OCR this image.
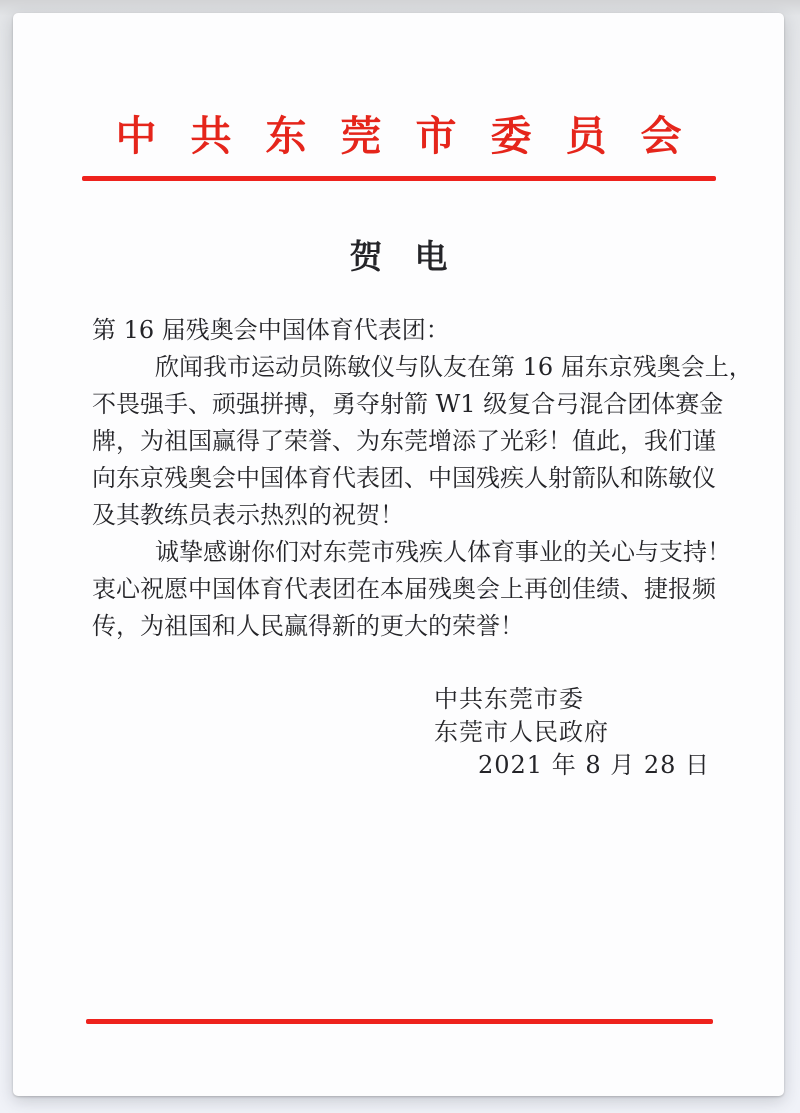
中共东莞市委员会
贺电
第 16 届残奥会中国体育代表团：
欣闻我市运动员陈敏仪与队友在第 16 届东京残奥会上，
不畏强手、顽强拼搏，勇夺射箭 W1 级复合弓混合团体赛金
牌，为祖国赢得了荣誉、为东莞增添了光彩！值此，我们谨
向东京残奥会中国体育代表团、中国残疾人射箭队和陈敏仪
及其教练员表示热烈的祝贺！
诚挚感谢你们对东莞市残疾人体育事业的关心与支持！
衷心祝愿中国体育代表团在本届残奥会上再创佳绩、捷报频
传，为祖国和人民赢得新的更大的荣誉！
中共东莞市委
东莞市人民政府
2021 年 8 月 28 日
